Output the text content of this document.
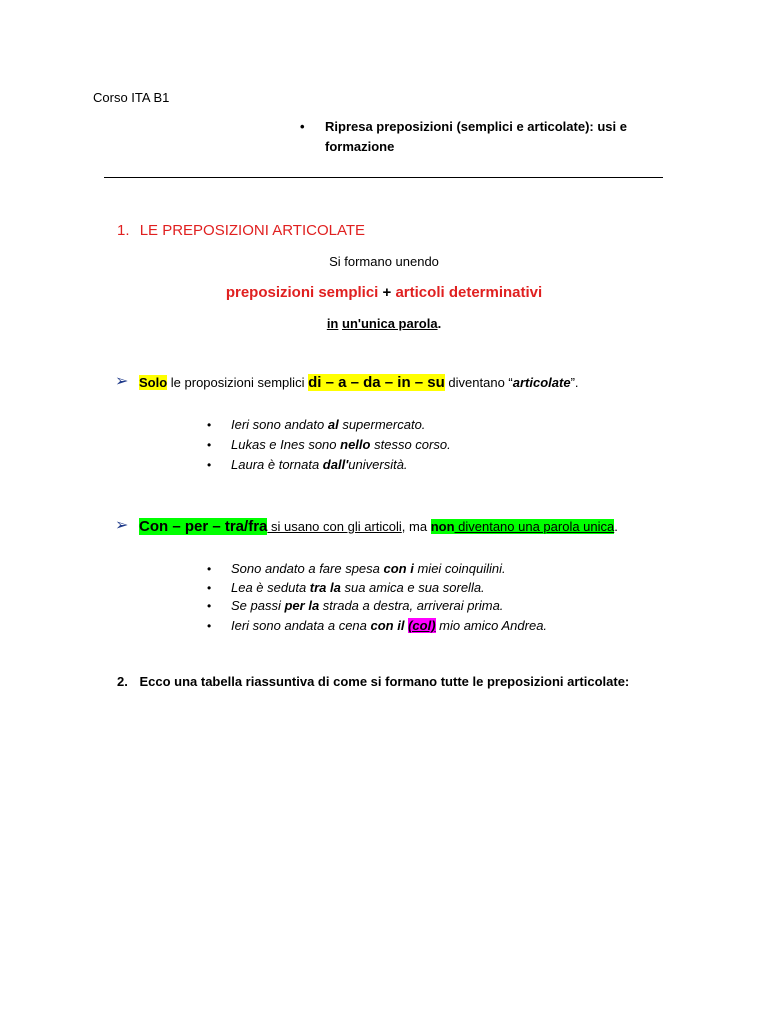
Corso ITA B1
• Ripresa preposizioni (semplici e articolate): usi e
formazione
1. LE PREPOSIZIONI ARTICOLATE
Si formano unendo
preposizioni semplici + articoli determinativi
in un'unica parola.
➢ Solo le proposizioni semplici di – a – da – in – su diventano “articolate”.
• Ieri sono andato al supermercato.
• Lukas e Ines sono nello stesso corso.
• Laura è tornata dall'università.
➢ Con – per – tra/fra si usano con gli articoli, ma non diventano una parola unica.
• Sono andato a fare spesa con i miei coinquilini.
• Lea è seduta tra la sua amica e sua sorella.
• Se passi per la strada a destra, arriverai prima.
• Ieri sono andata a cena con il (col) mio amico Andrea.
2. Ecco una tabella riassuntiva di come si formano tutte le preposizioni articolate:
